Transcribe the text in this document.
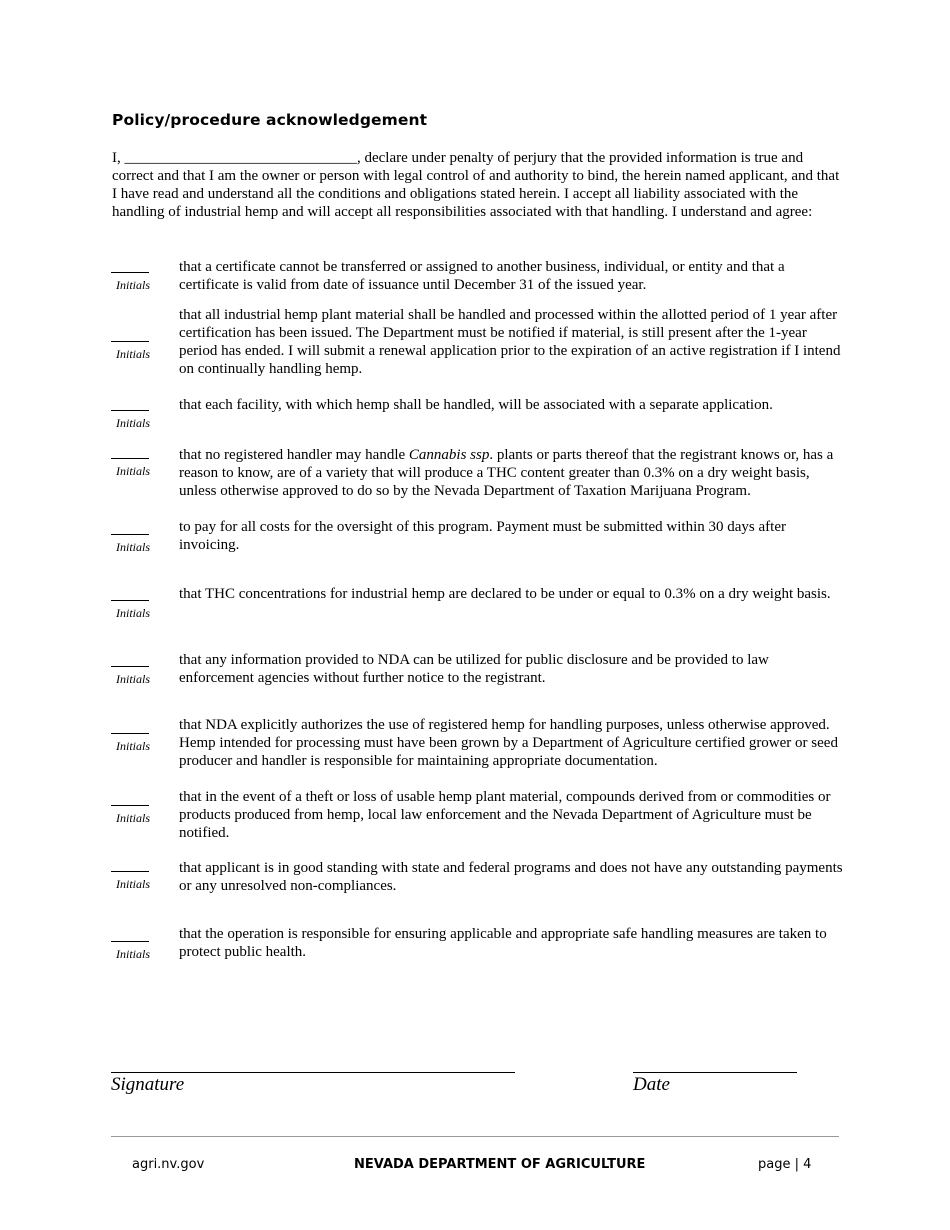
Policy/procedure acknowledgement
I, _______________________________, declare under penalty of perjury that the provided information is true and correct and that I am the owner or person with legal control of and authority to bind, the herein named applicant, and that I have read and understand all the conditions and obligations stated herein. I accept all liability associated with the handling of industrial hemp and will accept all responsibilities associated with that handling. I understand and agree:
Initials
that a certificate cannot be transferred or assigned to another business, individual, or entity and that a certificate is valid from date of issuance until December 31 of the issued year.
Initials
that all industrial hemp plant material shall be handled and processed within the allotted period of 1 year after certification has been issued. The Department must be notified if material, is still present after the 1-year period has ended. I will submit a renewal application prior to the expiration of an active registration if I intend on continually handling hemp.
Initials
that each facility, with which hemp shall be handled, will be associated with a separate application.
Initials
that no registered handler may handle Cannabis ssp. plants or parts thereof that the registrant knows or, has a reason to know, are of a variety that will produce a THC content greater than 0.3% on a dry weight basis, unless otherwise approved to do so by the Nevada Department of Taxation Marijuana Program.
Initials
to pay for all costs for the oversight of this program. Payment must be submitted within 30 days after invoicing.
Initials
that THC concentrations for industrial hemp are declared to be under or equal to 0.3% on a dry weight basis.
Initials
that any information provided to NDA can be utilized for public disclosure and be provided to law enforcement agencies without further notice to the registrant.
Initials
that NDA explicitly authorizes the use of registered hemp for handling purposes, unless otherwise approved. Hemp intended for processing must have been grown by a Department of Agriculture certified grower or seed producer and handler is responsible for maintaining appropriate documentation.
Initials
that in the event of a theft or loss of usable hemp plant material, compounds derived from or commodities or products produced from hemp, local law enforcement and the Nevada Department of Agriculture must be notified.
Initials
that applicant is in good standing with state and federal programs and does not have any outstanding payments or any unresolved non-compliances.
Initials
that the operation is responsible for ensuring applicable and appropriate safe handling measures are taken to protect public health.
Signature	Date
agri.nv.gov	NEVADA DEPARTMENT OF AGRICULTURE	page | 4
